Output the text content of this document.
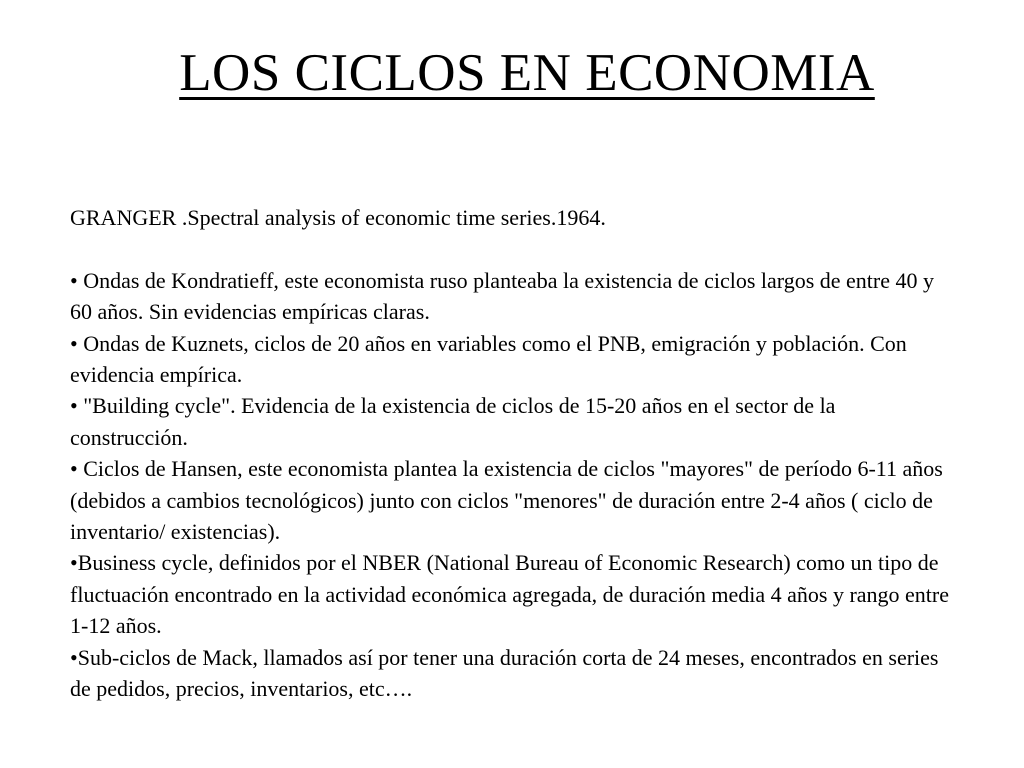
LOS CICLOS EN ECONOMIA

GRANGER .Spectral analysis of economic time series.1964.

• Ondas de Kondratieff, este economista ruso planteaba la existencia de ciclos largos de entre 40 y 60 años. Sin evidencias empíricas claras.
• Ondas de Kuznets, ciclos de 20 años en variables como el PNB, emigración y población. Con evidencia empírica.
• "Building cycle". Evidencia de la existencia de ciclos de 15-20 años en el sector de la construcción.
• Ciclos de Hansen, este economista plantea la existencia de ciclos "mayores" de período 6-11 años (debidos a cambios tecnológicos) junto con ciclos "menores" de duración entre 2-4 años ( ciclo de inventario/ existencias).
•Business cycle, definidos por el NBER (National Bureau of Economic Research) como un tipo de fluctuación encontrado en la actividad económica agregada, de duración media 4 años y rango entre 1-12 años.
•Sub-ciclos de Mack, llamados así por tener una duración corta de 24 meses, encontrados en series de pedidos, precios, inventarios, etc….
